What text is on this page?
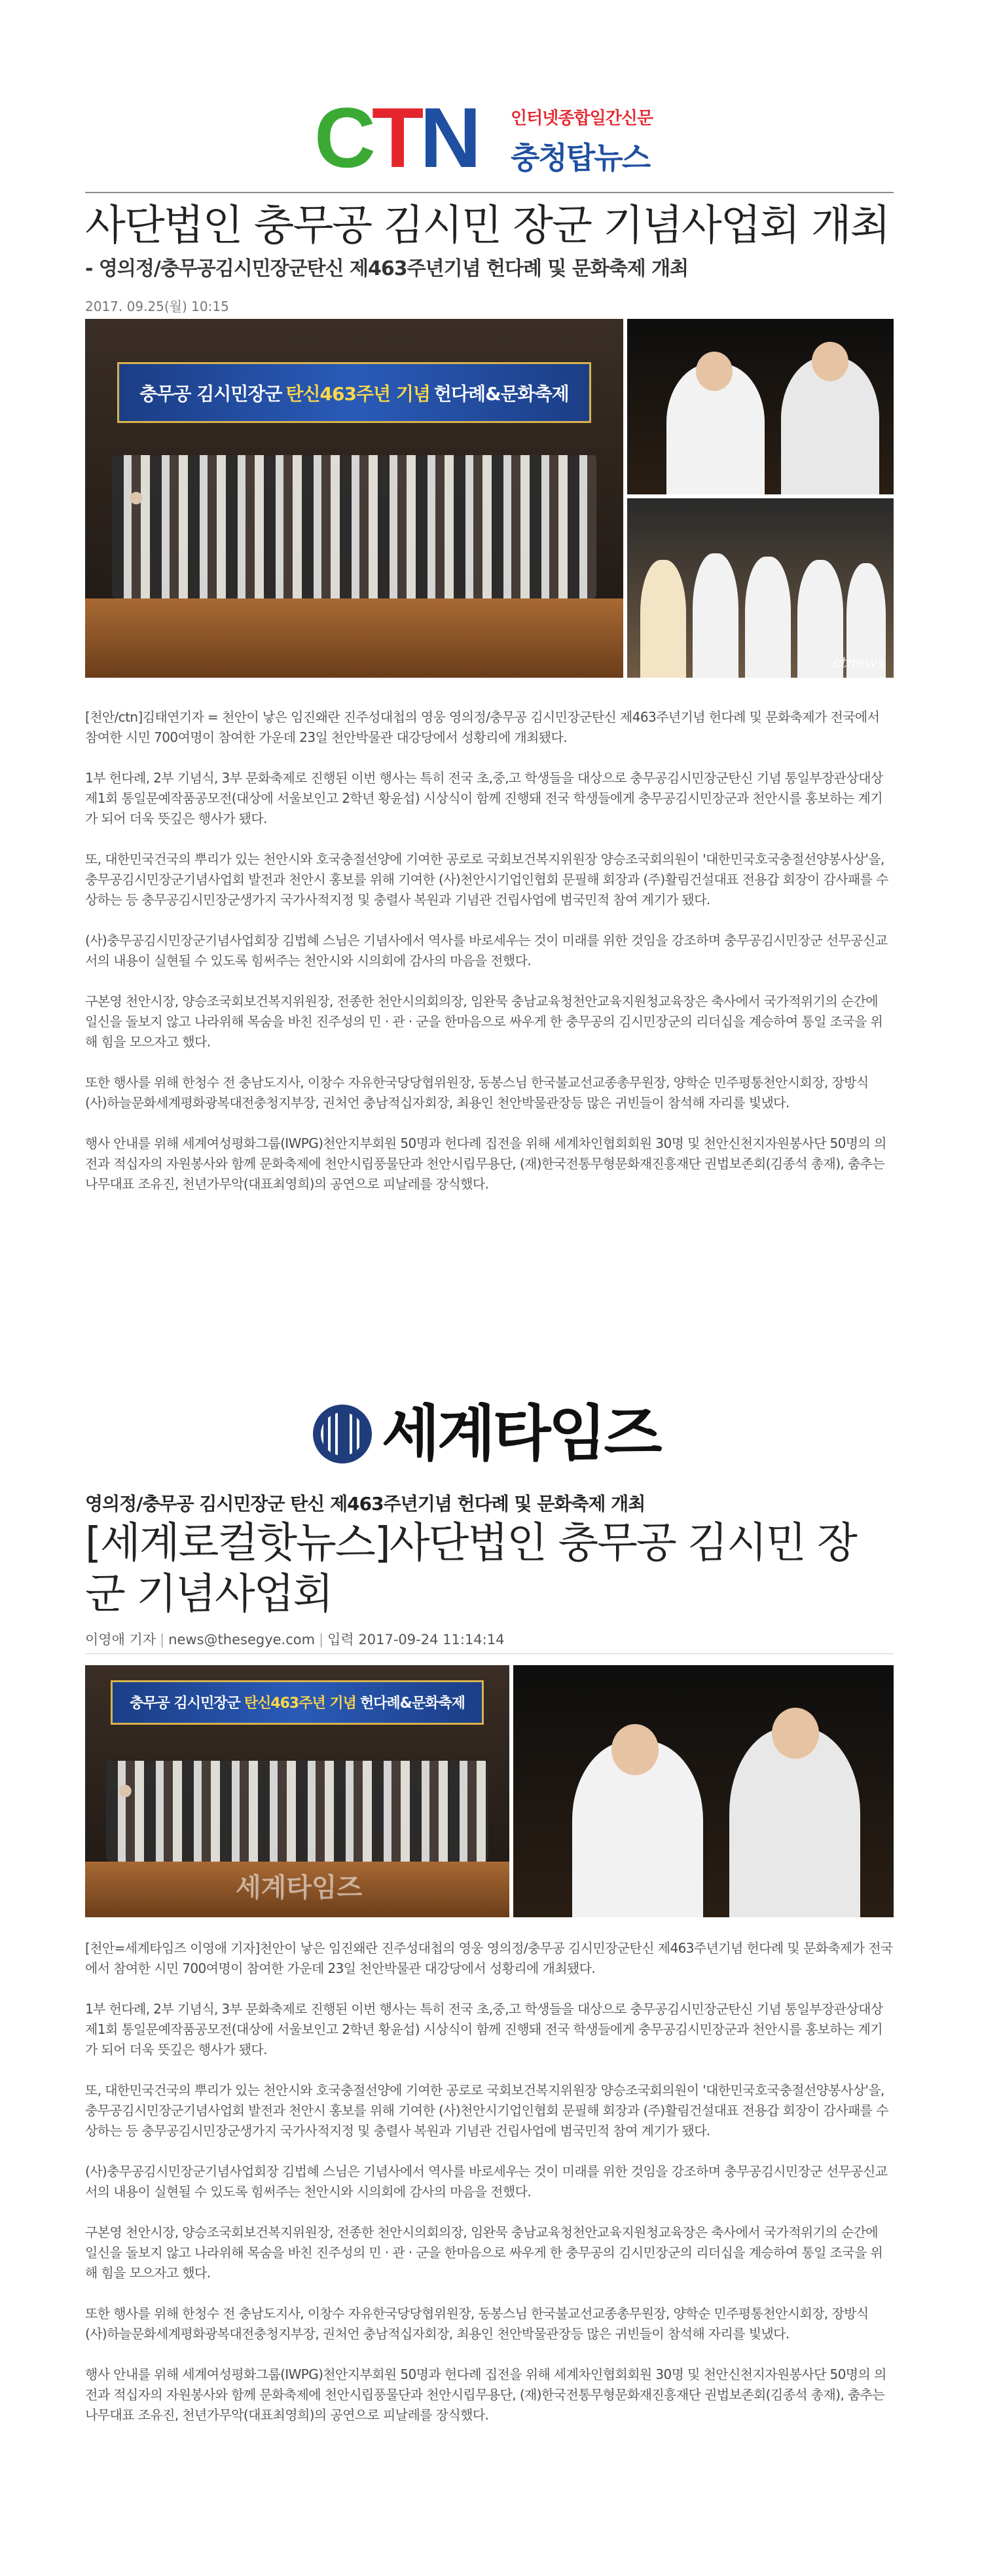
CTN 인터넷종합일간신문
충청탑뉴스
사단법인 충무공 김시민 장군 기념사업회 개최
- 영의정/충무공김시민장군탄신 제463주년기념 헌다례 및 문화축제 개최
2017. 09.25(월) 10:15
충무공 김시민장군 탄신463주년 기념 헌다례&문화축제
ctnews

[천안/ctn]김태연기자 = 천안이 낳은 임진왜란 진주성대첩의 영웅 영의정/충무공 김시민장군탄신 제463주년기념 헌다례 및 문화축제가 전국에서 참여한 시민 700여명이 참여한 가운데 23일 천안박물관 대강당에서 성황리에 개최됐다.

1부 헌다례, 2부 기념식, 3부 문화축제로 진행된 이번 행사는 특히 전국 초,중,고 학생들을 대상으로 충무공김시민장군탄신 기념 통일부장관상대상 제1회 통일문예작품공모전(대상에 서울보인고 2학년 황윤섭) 시상식이 함께 진행돼 전국 학생들에게 충무공김시민장군과 천안시를 홍보하는 계기가 되어 더욱 뜻깊은 행사가 됐다.

또, 대한민국건국의 뿌리가 있는 천안시와 호국충절선양에 기여한 공로로 국회보건복지위원장 양승조국회의원이 '대한민국호국충절선양봉사상'을, 충무공김시민장군기념사업회 발전과 천안시 홍보를 위해 기여한 (사)천안시기업인협회 문필해 회장과 (주)활림건설대표 전용갑 회장이 감사패를 수상하는 등 충무공김시민장군생가지 국가사적지정 및 충렬사 복원과 기념관 건립사업에 범국민적 참여 계기가 됐다.

(사)충무공김시민장군기념사업회장 김법혜 스님은 기념사에서 역사를 바로세우는 것이 미래를 위한 것임을 강조하며 충무공김시민장군 선무공신교서의 내용이 실현될 수 있도록 힘써주는 천안시와 시의회에 감사의 마음을 전했다.

구본영 천안시장, 양승조국회보건복지위원장, 전종한 천안시의회의장, 임완묵 충남교육청천안교육지원청교육장은 축사에서 국가적위기의 순간에 일신을 돌보지 않고 나라위해 목숨을 바친 진주성의 민 · 관 · 군을 한마음으로 싸우게 한 충무공의 김시민장군의 리더십을 계승하여 통일 조국을 위해 힘을 모으자고 했다.

또한 행사를 위해 한청수 전 충남도지사, 이창수 자유한국당당협위원장, 동봉스님 한국불교선교종총무원장, 양학순 민주평통천안시회장, 장방식 (사)하늘문화세계평화광복대전충청지부장, 권처언 충남적십자회장, 최용인 천안박물관장등 많은 귀빈들이 참석해 자리를 빛냈다.

행사 안내를 위해 세계여성평화그룹(IWPG)천안지부회원 50명과 헌다례 집전을 위해 세계차인협회회원 30명 및 천안신천지자원봉사단 50명의 의전과 적십자의 자원봉사와 함께 문화축제에 천안시립풍물단과 천안시립무용단, (재)한국전통무형문화재진흥재단 권법보존회(김종석 총재), 춤추는나무대표 조유진, 천년가무악(대표최영희)의 공연으로 피날레를 장식했다.

세계타임즈
영의정/충무공 김시민장군 탄신 제463주년기념 헌다례 및 문화축제 개최
[세계로컬핫뉴스]사단법인 충무공 김시민 장군 기념사업회
이영애 기자 | news@thesegye.com | 입력 2017-09-24 11:14:14
충무공 김시민장군 탄신463주년 기념 헌다례&문화축제
세계타임즈

[천안=세계타임즈 이영애 기자]천안이 낳은 임진왜란 진주성대첩의 영웅 영의정/충무공 김시민장군탄신 제463주년기념 헌다례 및 문화축제가 전국에서 참여한 시민 700여명이 참여한 가운데 23일 천안박물관 대강당에서 성황리에 개최됐다.

1부 헌다례, 2부 기념식, 3부 문화축제로 진행된 이번 행사는 특히 전국 초,중,고 학생들을 대상으로 충무공김시민장군탄신 기념 통일부장관상대상 제1회 통일문예작품공모전(대상에 서울보인고 2학년 황윤섭) 시상식이 함께 진행돼 전국 학생들에게 충무공김시민장군과 천안시를 홍보하는 계기가 되어 더욱 뜻깊은 행사가 됐다.

또, 대한민국건국의 뿌리가 있는 천안시와 호국충절선양에 기여한 공로로 국회보건복지위원장 양승조국회의원이 '대한민국호국충절선양봉사상'을, 충무공김시민장군기념사업회 발전과 천안시 홍보를 위해 기여한 (사)천안시기업인협회 문필해 회장과 (주)활림건설대표 전용갑 회장이 감사패를 수상하는 등 충무공김시민장군생가지 국가사적지정 및 충렬사 복원과 기념관 건립사업에 범국민적 참여 계기가 됐다.

(사)충무공김시민장군기념사업회장 김법혜 스님은 기념사에서 역사를 바로세우는 것이 미래를 위한 것임을 강조하며 충무공김시민장군 선무공신교서의 내용이 실현될 수 있도록 힘써주는 천안시와 시의회에 감사의 마음을 전했다.

구본영 천안시장, 양승조국회보건복지위원장, 전종한 천안시의회의장, 임완묵 충남교육청천안교육지원청교육장은 축사에서 국가적위기의 순간에 일신을 돌보지 않고 나라위해 목숨을 바친 진주성의 민 · 관 · 군을 한마음으로 싸우게 한 충무공의 김시민장군의 리더십을 계승하여 통일 조국을 위해 힘을 모으자고 했다.

또한 행사를 위해 한청수 전 충남도지사, 이창수 자유한국당당협위원장, 동봉스님 한국불교선교종총무원장, 양학순 민주평통천안시회장, 장방식 (사)하늘문화세계평화광복대전충청지부장, 권처언 충남적십자회장, 최용인 천안박물관장등 많은 귀빈들이 참석해 자리를 빛냈다.

행사 안내를 위해 세계여성평화그룹(IWPG)천안지부회원 50명과 헌다례 집전을 위해 세계차인협회회원 30명 및 천안신천지자원봉사단 50명의 의전과 적십자의 자원봉사와 함께 문화축제에 천안시립풍물단과 천안시립무용단, (재)한국전통무형문화재진흥재단 권법보존회(김종석 총재), 춤추는나무대표 조유진, 천년가무악(대표최영희)의 공연으로 피날레를 장식했다.
